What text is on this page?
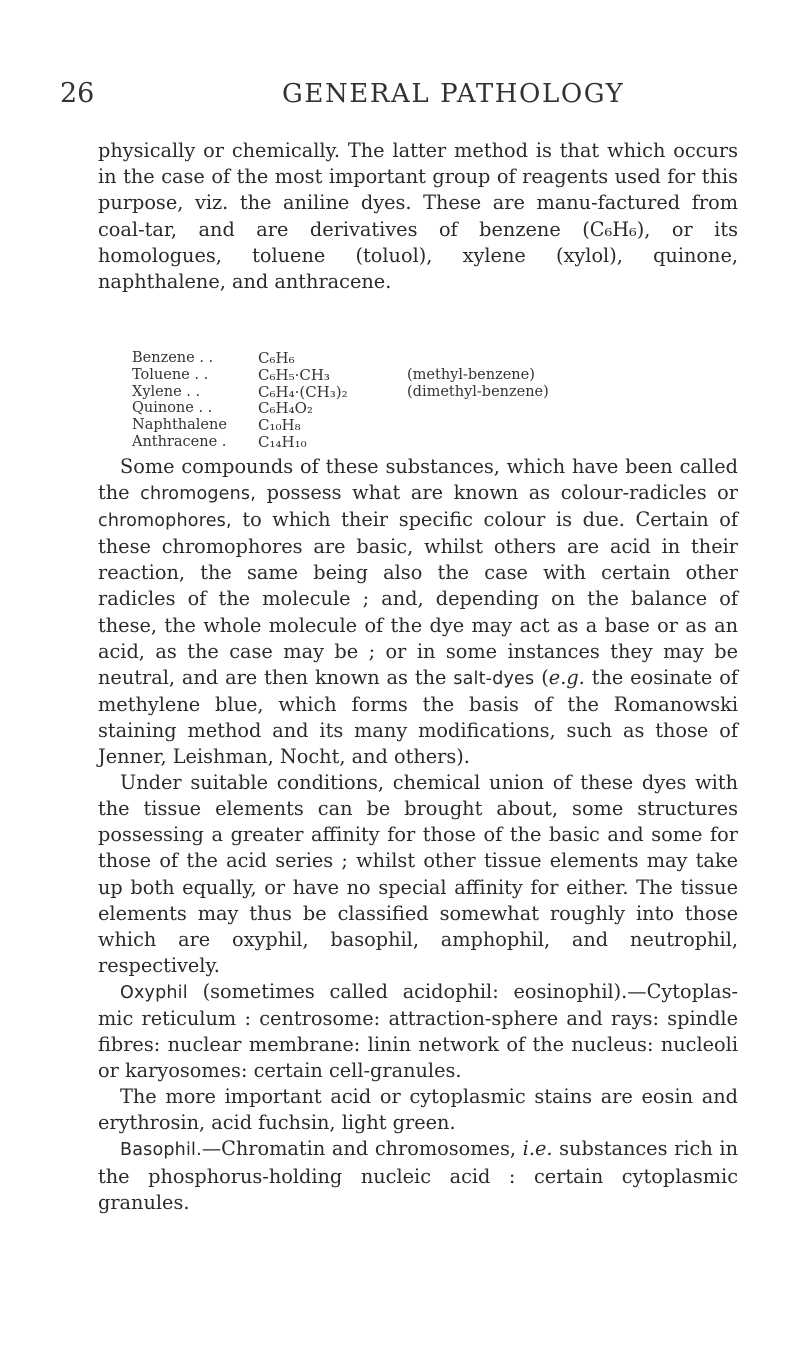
26	GENERAL PATHOLOGY

physically or chemically. The latter method is that which occurs in the case of the most important group of reagents used for this purpose, viz. the aniline dyes. These are manu-factured from coal-tar, and are derivatives of benzene (C₆H₆), or its homologues, toluene (toluol), xylene (xylol), quinone, naphthalene, and anthracene.

Benzene . .	C₆H₆	
Toluene . .	C₆H₅·CH₃	(methyl-benzene)
Xylene . .	C₆H₄·(CH₃)₂	(dimethyl-benzene)
Quinone . .	C₆H₄O₂	
Naphthalene	C₁₀H₈	
Anthracene .	C₁₄H₁₀	

Some compounds of these substances, which have been called the chromogens, possess what are known as colour-radicles or chromophores, to which their specific colour is due. Certain of these chromophores are basic, whilst others are acid in their reaction, the same being also the case with certain other radicles of the molecule ; and, depending on the balance of these, the whole molecule of the dye may act as a base or as an acid, as the case may be ; or in some instances they may be neutral, and are then known as the salt-dyes (e.g. the eosinate of methylene blue, which forms the basis of the Romanowski staining method and its many modifications, such as those of Jenner, Leishman, Nocht, and others).

Under suitable conditions, chemical union of these dyes with the tissue elements can be brought about, some structures possessing a greater affinity for those of the basic and some for those of the acid series ; whilst other tissue elements may take up both equally, or have no special affinity for either. The tissue elements may thus be classified somewhat roughly into those which are oxyphil, basophil, amphophil, and neutrophil, respectively.

Oxyphil (sometimes called acidophil: eosinophil).—Cytoplas-mic reticulum : centrosome: attraction-sphere and rays: spindle fibres: nuclear membrane: linin network of the nucleus: nucleoli or karyosomes: certain cell-granules.

The more important acid or cytoplasmic stains are eosin and erythrosin, acid fuchsin, light green.

Basophil.—Chromatin and chromosomes, i.e. substances rich in the phosphorus-holding nucleic acid : certain cytoplasmic granules.
